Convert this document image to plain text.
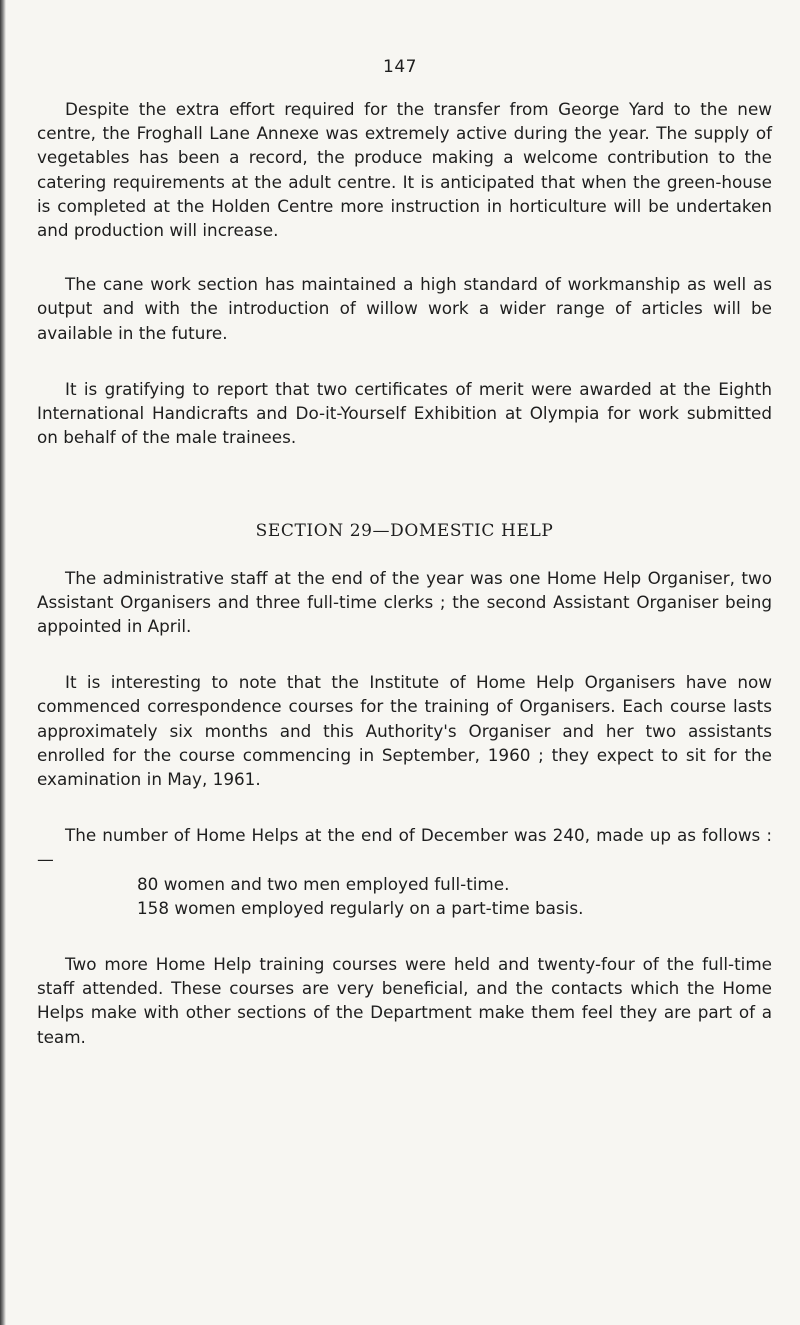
147

Despite the extra effort required for the transfer from George Yard to the new centre, the Froghall Lane Annexe was extremely active during the year. The supply of vegetables has been a record, the produce making a welcome contribution to the catering requirements at the adult centre. It is anticipated that when the green-house is completed at the Holden Centre more instruction in horticulture will be undertaken and production will increase.

The cane work section has maintained a high standard of workmanship as well as output and with the introduction of willow work a wider range of articles will be available in the future.

It is gratifying to report that two certificates of merit were awarded at the Eighth International Handicrafts and Do-it-Yourself Exhibition at Olympia for work submitted on behalf of the male trainees.

SECTION 29—DOMESTIC HELP

The administrative staff at the end of the year was one Home Help Organiser, two Assistant Organisers and three full-time clerks ; the second Assistant Organiser being appointed in April.

It is interesting to note that the Institute of Home Help Organisers have now commenced correspondence courses for the training of Organisers. Each course lasts approximately six months and this Authority's Organiser and her two assistants enrolled for the course commencing in September, 1960 ; they expect to sit for the examination in May, 1961.

The number of Home Helps at the end of December was 240, made up as follows :—

80 women and two men employed full-time.

158 women employed regularly on a part-time basis.

Two more Home Help training courses were held and twenty-four of the full-time staff attended. These courses are very beneficial, and the contacts which the Home Helps make with other sections of the Department make them feel they are part of a team.
